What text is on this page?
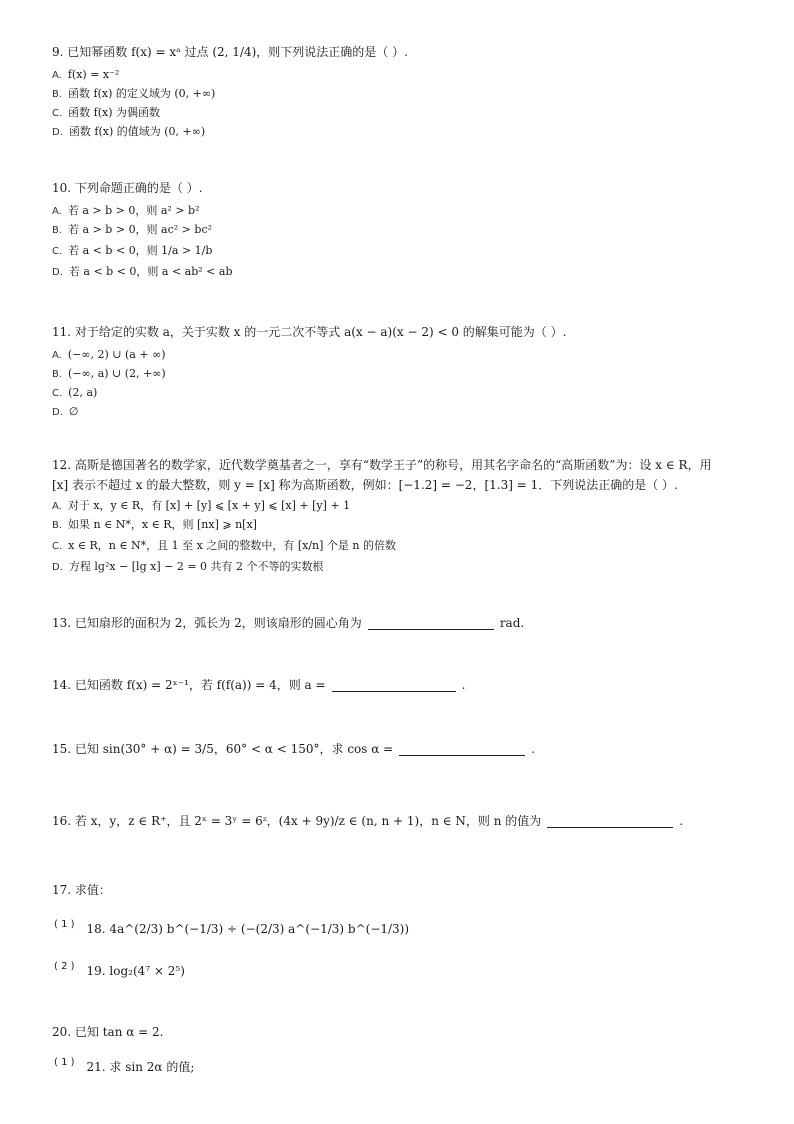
9. 已知幂函数 f(x) = xᵃ 过点 (2, 1/4)，则下列说法正确的是（ ）.
A. f(x) = x⁻²
B. 函数 f(x) 的定义域为 (0, +∞)
C. 函数 f(x) 为偶函数
D. 函数 f(x) 的值域为 (0, +∞)
10. 下列命题正确的是（ ）.
A. 若 a > b > 0，则 a² > b²
B. 若 a > b > 0，则 ac² > bc²
C. 若 a < b < 0，则 1/a > 1/b
D. 若 a < b < 0，则 a < ab² < ab
11. 对于给定的实数 a，关于实数 x 的一元二次不等式 a(x − a)(x − 2) < 0 的解集可能为（ ）.
A. (−∞, 2) ∪ (a + ∞)
B. (−∞, a) ∪ (2, +∞)
C. (2, a)
D. ∅
12. 高斯是德国著名的数学家，近代数学奠基者之一，享有“数学王子”的称号，用其名字命名的“高斯函数”为：设 x ∈ R，用
[x] 表示不超过 x 的最大整数，则 y = [x] 称为高斯函数，例如：[−1.2] = −2，[1.3] = 1．下列说法正确的是（ ）.
A. 对于 x，y ∈ R，有 [x] + [y] ⩽ [x + y] ⩽ [x] + [y] + 1
B. 如果 n ∈ N*，x ∈ R，则 [nx] ⩾ n[x]
C. x ∈ R，n ∈ N*，且 1 至 x 之间的整数中，有 [x/n] 个是 n 的倍数
D. 方程 lg²x − [lg x] − 2 = 0 共有 2 个不等的实数根
13. 已知扇形的面积为 2，弧长为 2，则该扇形的圆心角为	rad.
14. 已知函数 f(x) = 2ˣ⁻¹，若 f(f(a)) = 4，则 a =	.
15. 已知 sin(30° + α) = 3/5，60° < α < 150°，求 cos α =	.
16. 若 x，y，z ∈ R⁺，且 2ˣ = 3ʸ = 6ᶻ，(4x + 9y)/z ∈ (n, n + 1)，n ∈ N，则 n 的值为	.
17. 求值：
$^{( 1 )}$ 18. 4a^(2/3) b^(−1/3) ÷ (−(2/3) a^(−1/3) b^(−1/3))
$^{( 2 )}$ 19. log₂(4⁷ × 2⁵)
20. 已知 tan α = 2.
$^{( 1 )}$ 21. 求 sin 2α 的值;
